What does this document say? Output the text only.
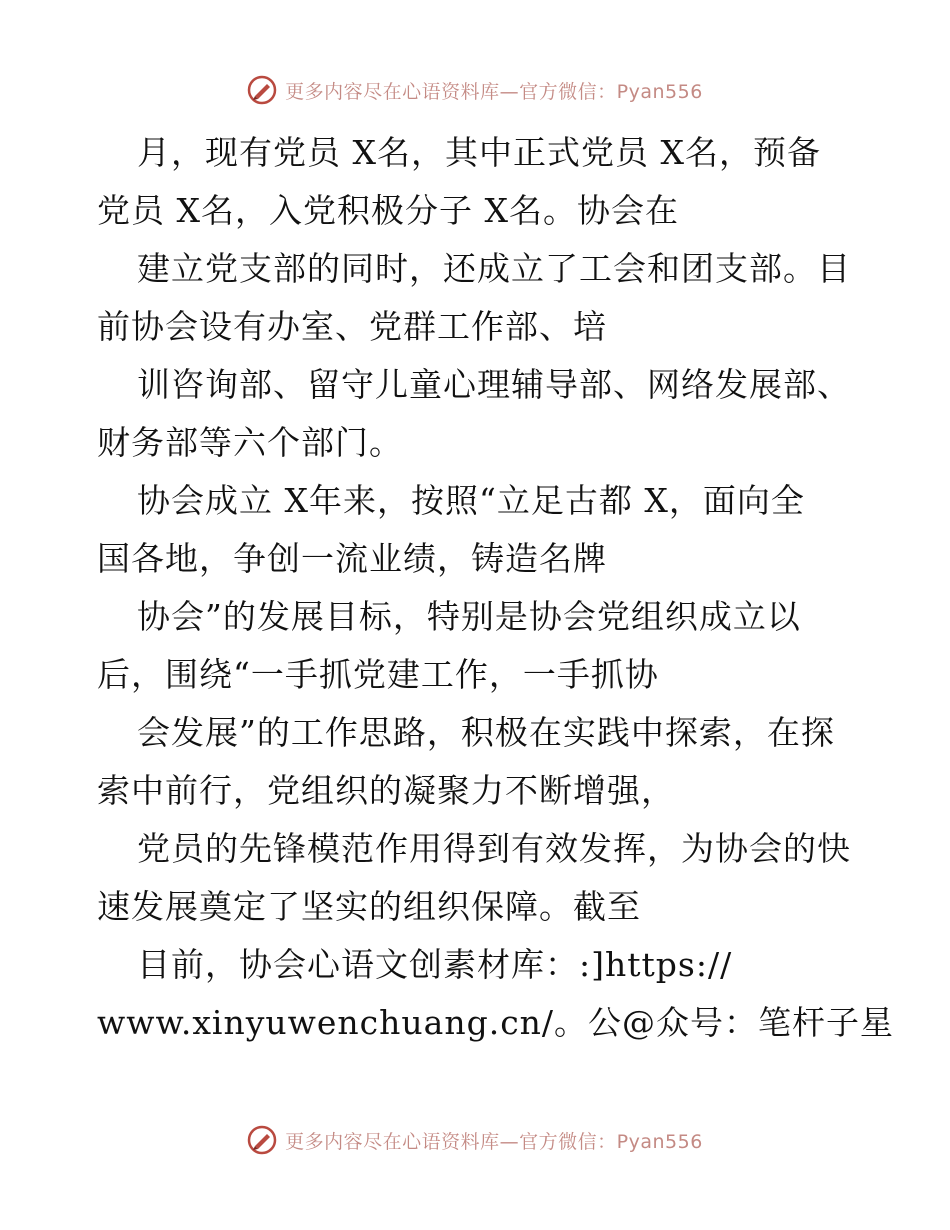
更多内容尽在心语资料库—官方微信：Pyan556
月，现有党员 X名，其中正式党员 X名，预备
党员 X名，入党积极分子 X名。协会在
建立党支部的同时，还成立了工会和团支部。目
前协会设有办室、党群工作部、培
训咨询部、留守儿童心理辅导部、网络发展部、
财务部等六个部门。
协会成立 X年来，按照“立足古都 X，面向全
国各地，争创一流业绩，铸造名牌
协会”的发展目标，特别是协会党组织成立以
后，围绕“一手抓党建工作，一手抓协
会发展”的工作思路，积极在实践中探索，在探
索中前行，党组织的凝聚力不断增强，
党员的先锋模范作用得到有效发挥，为协会的快
速发展奠定了坚实的组织保障。截至
目前，协会心语文创素材库：:]https://
www.xinyuwenchuang.cn/。公@众号：笔杆子星
更多内容尽在心语资料库—官方微信：Pyan556
